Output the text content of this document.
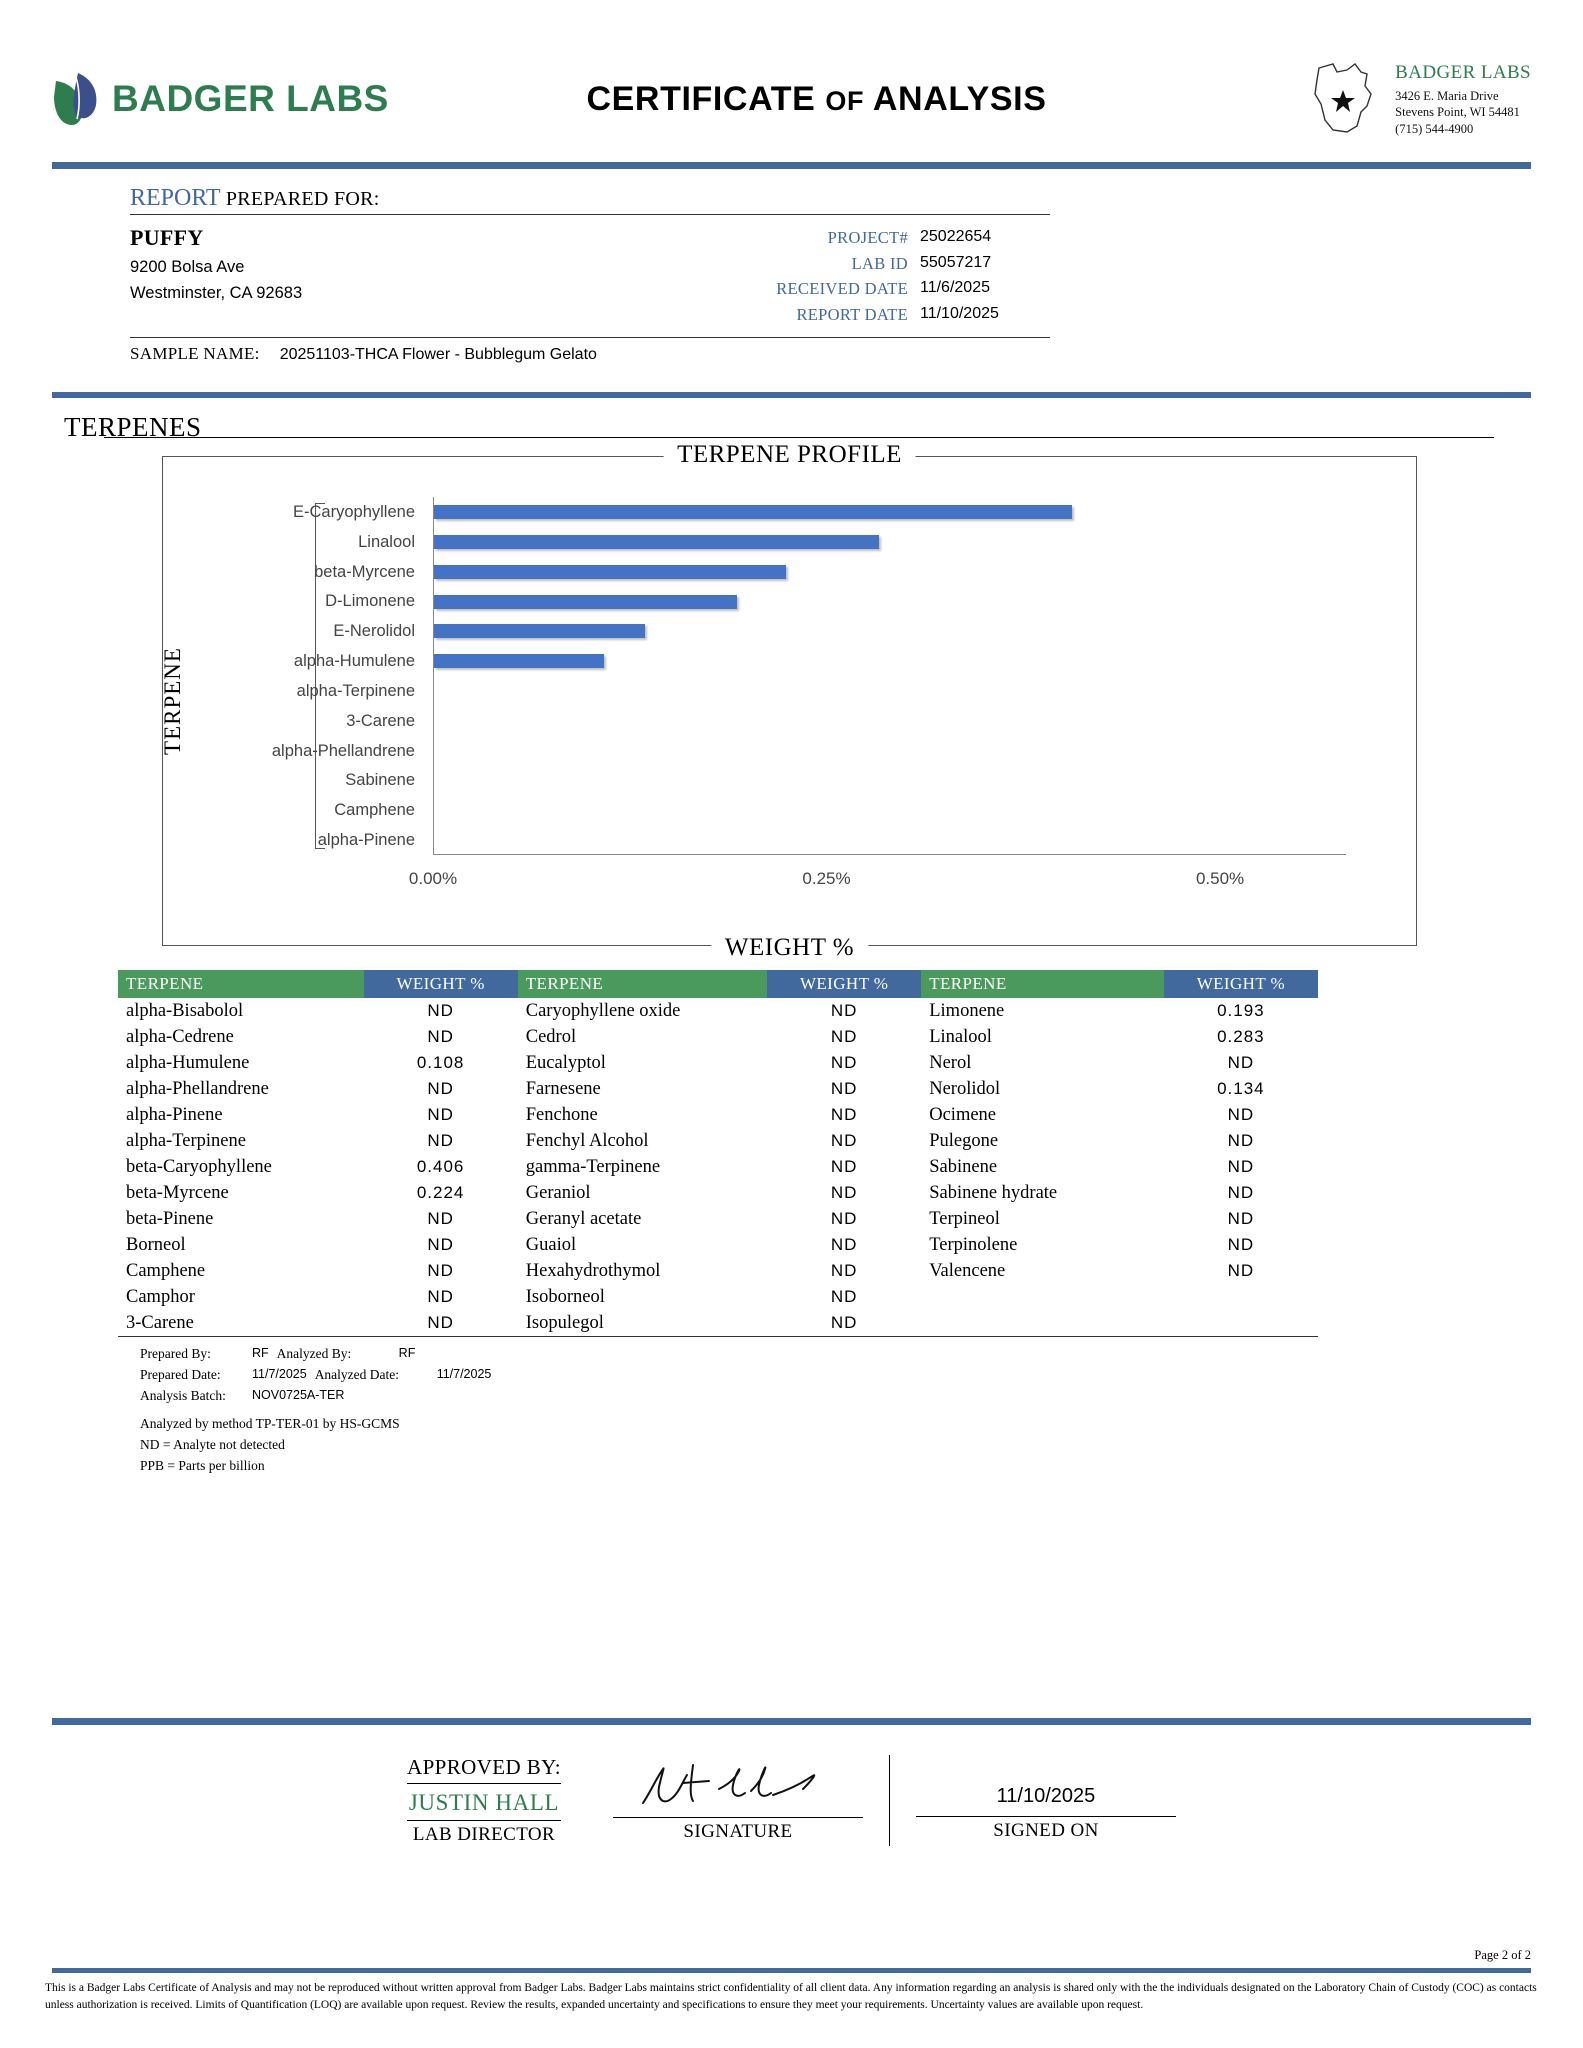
BADGER LABS	CERTIFICATE OF ANALYSIS
BADGER LABS
3426 E. Maria Drive
Stevens Point, WI 54481
(715) 544-4900
REPORT PREPARED FOR:
PUFFY
9200 Bolsa Ave
Westminster, CA 92683
PROJECT# 25022654
LAB ID 55057217
RECEIVED DATE 11/6/2025
REPORT DATE 11/10/2025
SAMPLE NAME: 20251103-THCA Flower - Bubblegum Gelato
TERPENES
TERPENE PROFILE
TERPENE
WEIGHT %
E-Caryophyllene
Linalool
beta-Myrcene
D-Limonene
E-Nerolidol
alpha-Humulene
alpha-Terpinene
3-Carene
alpha-Phellandrene
Sabinene
Camphene
alpha-Pinene
0.00%	0.25%	0.50%
TERPENE	WEIGHT %	TERPENE	WEIGHT %	TERPENE	WEIGHT %
alpha-Bisabolol	ND	Caryophyllene oxide	ND	Limonene	0.193
alpha-Cedrene	ND	Cedrol	ND	Linalool	0.283
alpha-Humulene	0.108	Eucalyptol	ND	Nerol	ND
alpha-Phellandrene	ND	Farnesene	ND	Nerolidol	0.134
alpha-Pinene	ND	Fenchone	ND	Ocimene	ND
alpha-Terpinene	ND	Fenchyl Alcohol	ND	Pulegone	ND
beta-Caryophyllene	0.406	gamma-Terpinene	ND	Sabinene	ND
beta-Myrcene	0.224	Geraniol	ND	Sabinene hydrate	ND
beta-Pinene	ND	Geranyl acetate	ND	Terpineol	ND
Borneol	ND	Guaiol	ND	Terpinolene	ND
Camphene	ND	Hexahydrothymol	ND	Valencene	ND
Camphor	ND	Isoborneol	ND		
3-Carene	ND	Isopulegol	ND		
Prepared By:	RF Analyzed By:	RF
Prepared Date:	11/7/2025 Analyzed Date:	11/7/2025
Analysis Batch:	NOV0725A-TER
Analyzed by method TP-TER-01 by HS-GCMS
ND = Analyte not detected
PPB = Parts per billion
APPROVED BY:
JUSTIN HALL
LAB DIRECTOR	SIGNATURE
11/10/2025
SIGNED ON
Page 2 of 2
This is a Badger Labs Certificate of Analysis and may not be reproduced without written approval from Badger Labs. Badger Labs maintains strict confidentiality of all client data. Any information regarding an analysis is shared only with the the individuals designated on the Laboratory Chain of Custody (COC) as contacts unless authorization is received. Limits of Quantification (LOQ) are available upon request. Review the results, expanded uncertainty and specifications to ensure they meet your requirements. Uncertainty values are available upon request.
